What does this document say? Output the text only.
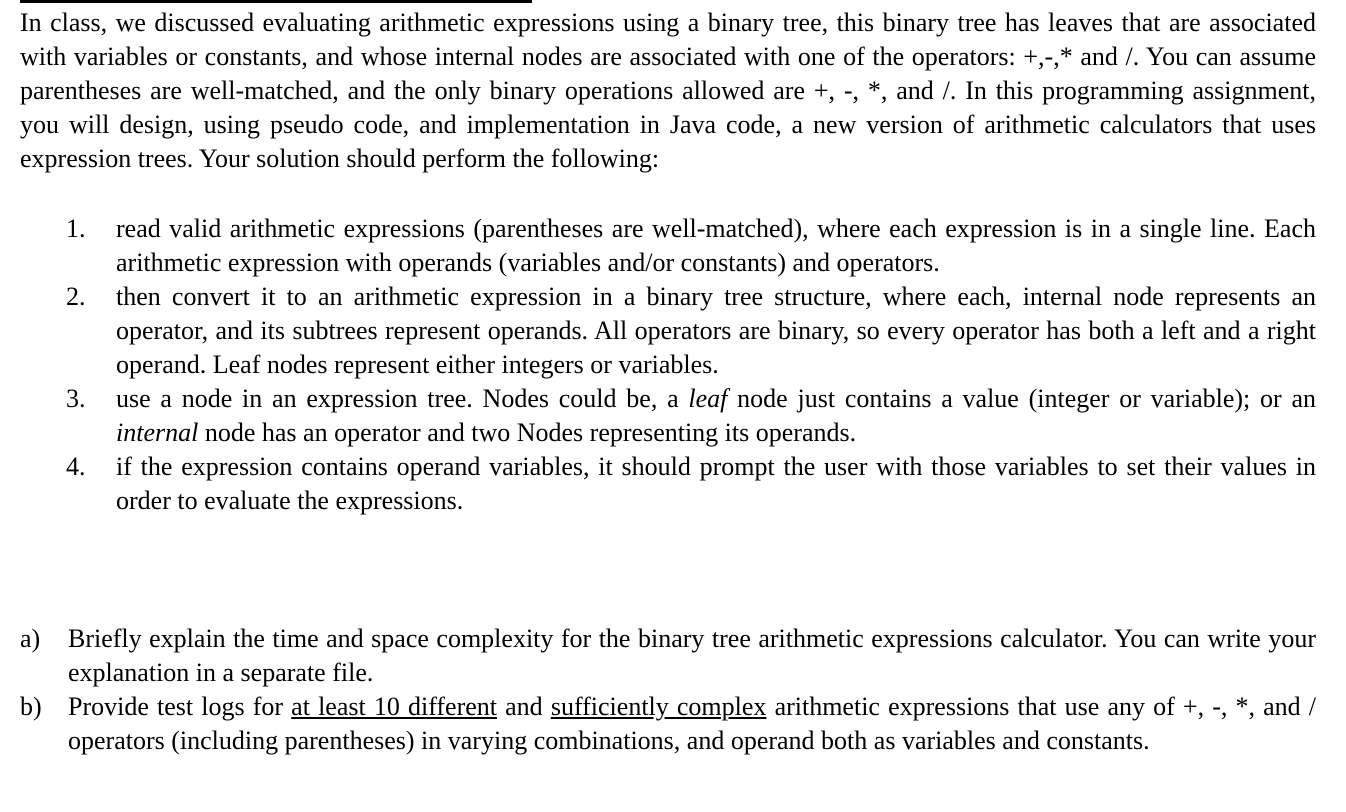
In class, we discussed evaluating arithmetic expressions using a binary tree, this binary tree has leaves that are associated with variables or constants, and whose internal nodes are associated with one of the operators: +,-,* and /. You can assume parentheses are well-matched, and the only binary operations allowed are +, -, *, and /. In this programming assignment, you will design, using pseudo code, and implementation in Java code, a new version of arithmetic calculators that uses expression trees. Your solution should perform the following:

1. read valid arithmetic expressions (parentheses are well-matched), where each expression is in a single line. Each arithmetic expression with operands (variables and/or constants) and operators.
2. then convert it to an arithmetic expression in a binary tree structure, where each, internal node represents an operator, and its subtrees represent operands. All operators are binary, so every operator has both a left and a right operand. Leaf nodes represent either integers or variables.
3. use a node in an expression tree. Nodes could be, a leaf node just contains a value (integer or variable); or an internal node has an operator and two Nodes representing its operands.
4. if the expression contains operand variables, it should prompt the user with those variables to set their values in order to evaluate the expressions.
a) Briefly explain the time and space complexity for the binary tree arithmetic expressions calculator. You can write your explanation in a separate file.
b) Provide test logs for at least 10 different and sufficiently complex arithmetic expressions that use any of +, -, *, and / operators (including parentheses) in varying combinations, and operand both as variables and constants.
